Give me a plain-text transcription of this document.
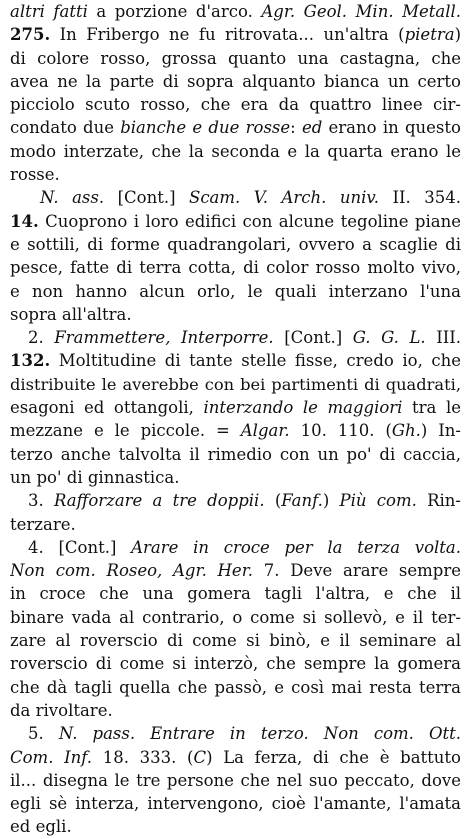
altri fatti a porzione d'arco. Agr. Geol. Min. Metall.
275. In Fribergo ne fu ritrovata... un'altra (pietra)
di colore rosso, grossa quanto una castagna, che
avea ne la parte di sopra alquanto bianca un certo
picciolo scuto rosso, che era da quattro linee cir-
condato due bianche e due rosse: ed erano in questo
modo interzate, che la seconda e la quarta erano le
rosse.
N. ass. [Cont.] Scam. V. Arch. univ. II. 354.
14. Cuoprono i loro edifici con alcune tegoline piane
e sottili, di forme quadrangolari, ovvero a scaglie di
pesce, fatte di terra cotta, di color rosso molto vivo,
e non hanno alcun orlo, le quali interzano l'una
sopra all'altra.
2. Frammettere, Interporre. [Cont.] G. G. L. III.
132. Moltitudine di tante stelle fisse, credo io, che
distribuite le averebbe con bei partimenti di quadrati,
esagoni ed ottangoli, interzando le maggiori tra le
mezzane e le piccole. = Algar. 10. 110. (Gh.) In-
terzo anche talvolta il rimedio con un po' di caccia,
un po' di ginnastica.
3. Rafforzare a tre doppii. (Fanf.) Più com. Rin-
terzare.
4. [Cont.] Arare in croce per la terza volta.
Non com. Roseo, Agr. Her. 7. Deve arare sempre
in croce che una gomera tagli l'altra, e che il
binare vada al contrario, o come si sollevò, e il ter-
zare al roverscio di come si binò, e il seminare al
roverscio di come si interzò, che sempre la gomera
che dà tagli quella che passò, e così mai resta terra
da rivoltare.
5. N. pass. Entrare in terzo. Non com. Ott.
Com. Inf. 18. 333. (C) La ferza, di che è battuto
il... disegna le tre persone che nel suo peccato, dove
egli sè interza, intervengono, cioè l'amante, l'amata
ed egli.
